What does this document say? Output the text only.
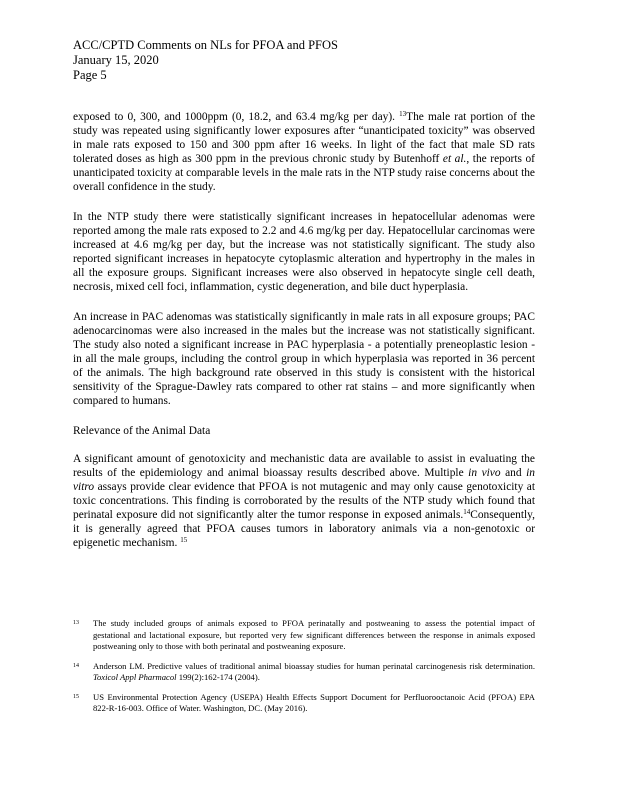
ACC/CPTD Comments on NLs for PFOA and PFOS
January 15, 2020
Page 5

exposed to 0, 300, and 1000ppm (0, 18.2, and 63.4 mg/kg per day). $^{13}$The male rat portion of the study was repeated using significantly lower exposures after “unanticipated toxicity” was observed in male rats exposed to 150 and 300 ppm after 16 weeks. In light of the fact that male SD rats tolerated doses as high as 300 ppm in the previous chronic study by Butenhoff et al., the reports of unanticipated toxicity at comparable levels in the male rats in the NTP study raise concerns about the overall confidence in the study.

In the NTP study there were statistically significant increases in hepatocellular adenomas were reported among the male rats exposed to 2.2 and 4.6 mg/kg per day. Hepatocellular carcinomas were increased at 4.6 mg/kg per day, but the increase was not statistically significant. The study also reported significant increases in hepatocyte cytoplasmic alteration and hypertrophy in the males in all the exposure groups. Significant increases were also observed in hepatocyte single cell death, necrosis, mixed cell foci, inflammation, cystic degeneration, and bile duct hyperplasia.

An increase in PAC adenomas was statistically significantly in male rats in all exposure groups; PAC adenocarcinomas were also increased in the males but the increase was not statistically significant. The study also noted a significant increase in PAC hyperplasia - a potentially preneoplastic lesion - in all the male groups, including the control group in which hyperplasia was reported in 36 percent of the animals. The high background rate observed in this study is consistent with the historical sensitivity of the Sprague-Dawley rats compared to other rat stains – and more significantly when compared to humans.

Relevance of the Animal Data

A significant amount of genotoxicity and mechanistic data are available to assist in evaluating the results of the epidemiology and animal bioassay results described above. Multiple in vivo and in vitro assays provide clear evidence that PFOA is not mutagenic and may only cause genotoxicity at toxic concentrations. This finding is corroborated by the results of the NTP study which found that perinatal exposure did not significantly alter the tumor response in exposed animals.$^{14}$Consequently, it is generally agreed that PFOA causes tumors in laboratory animals via a non-genotoxic or epigenetic mechanism. $^{15}$

13	The study included groups of animals exposed to PFOA perinatally and postweaning to assess the potential impact of gestational and lactational exposure, but reported very few significant differences between the response in animals exposed postweaning only to those with both perinatal and postweaning exposure.
14	Anderson LM. Predictive values of traditional animal bioassay studies for human perinatal carcinogenesis risk determination. Toxicol Appl Pharmacol 199(2):162-174 (2004).
15	US Environmental Protection Agency (USEPA) Health Effects Support Document for Perfluorooctanoic Acid (PFOA) EPA 822-R-16-003. Office of Water. Washington, DC. (May 2016).
